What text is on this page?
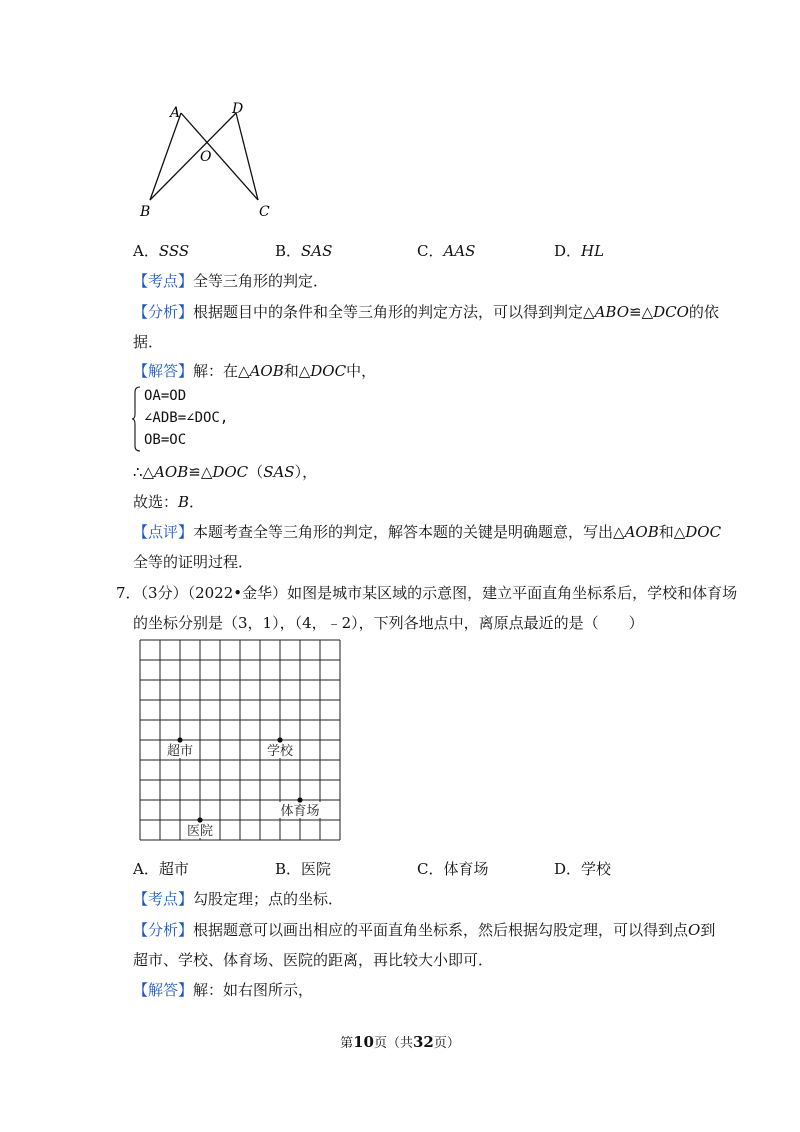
A	D
O
B	C
A．SSS	B．SAS	C．AAS	D．HL
【考点】全等三角形的判定．
【分析】根据题目中的条件和全等三角形的判定方法，可以得到判定△ABO≌△DCO的依
据．
【解答】解：在△AOB和△DOC中，
OA=OD
∠ADB=∠DOC,
OB=OC
∴△AOB≌△DOC（SAS），
故选：B．
【点评】本题考查全等三角形的判定，解答本题的关键是明确题意，写出△AOB和△DOC
全等的证明过程．
7．（3分）（2022•金华）如图是城市某区域的示意图，建立平面直角坐标系后，学校和体育场
的坐标分别是（3，1），（4，﹣2），下列各地点中，离原点最近的是（　　）
超市	学校
体育场
医院
A．超市	B．医院	C．体育场	D．学校
【考点】勾股定理；点的坐标．
【分析】根据题意可以画出相应的平面直角坐标系，然后根据勾股定理，可以得到点O到
超市、学校、体育场、医院的距离，再比较大小即可．
【解答】解：如右图所示，
第10页（共32页）
